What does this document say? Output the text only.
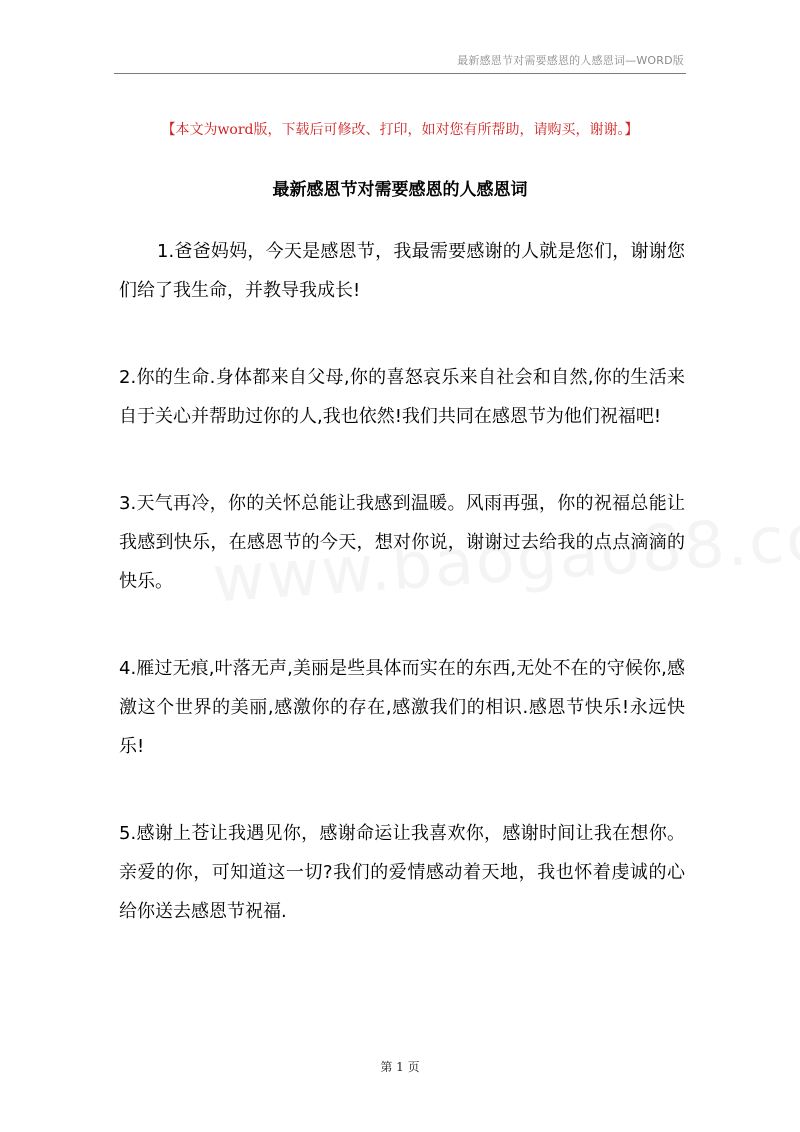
最新感恩节对需要感恩的人感恩词—WORD版
【本文为word版，下载后可修改、打印，如对您有所帮助，请购买，谢谢。】
最新感恩节对需要感恩的人感恩词

1.爸爸妈妈，今天是感恩节，我最需要感谢的人就是您们，谢谢您们给了我生命，并教导我成长!

2.你的生命.身体都来自父母,你的喜怒哀乐来自社会和自然,你的生活来自于关心并帮助过你的人,我也依然!我们共同在感恩节为他们祝福吧!

3.天气再冷，你的关怀总能让我感到温暖。风雨再强，你的祝福总能让我感到快乐，在感恩节的今天，想对你说，谢谢过去给我的点点滴滴的快乐。

4.雁过无痕,叶落无声,美丽是些具体而实在的东西,无处不在的守候你,感激这个世界的美丽,感激你的存在,感激我们的相识.感恩节快乐!永远快乐!

5.感谢上苍让我遇见你，感谢命运让我喜欢你，感谢时间让我在想你。亲爱的你，可知道这一切?我们的爱情感动着天地，我也怀着虔诚的心给你送去感恩节祝福.

第 1 页
